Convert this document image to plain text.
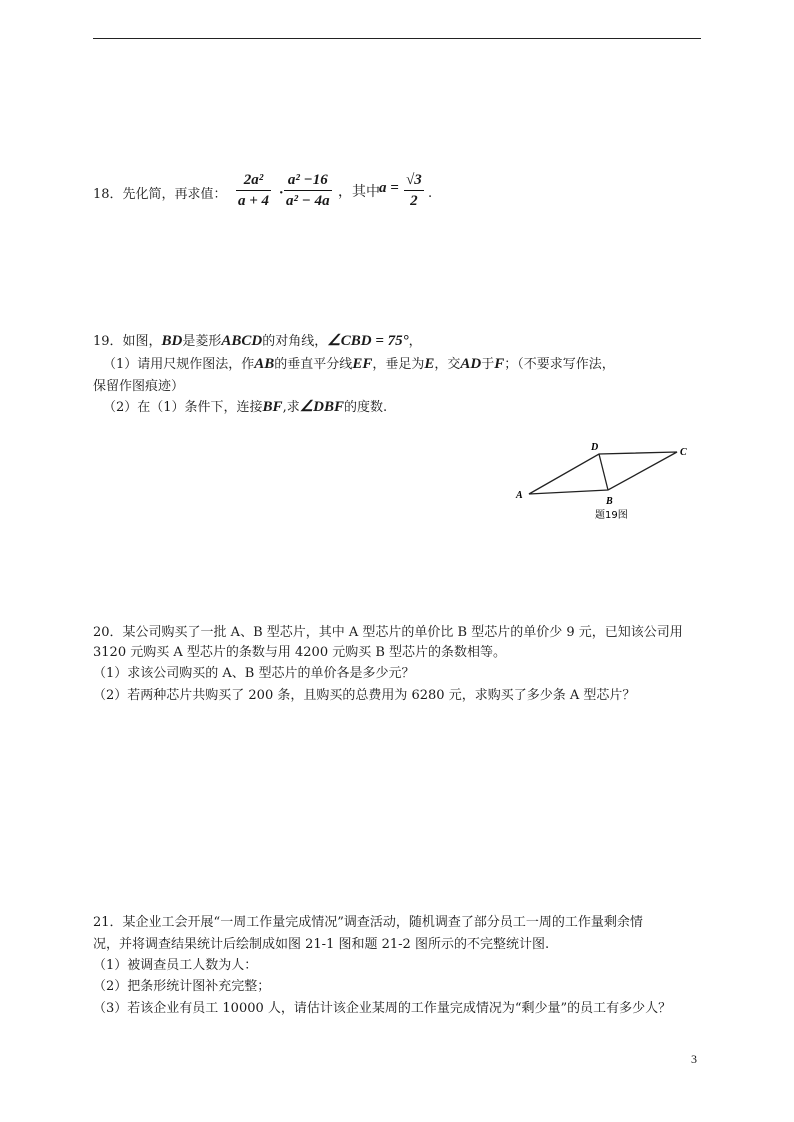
18．先化简，再求值：
2a²
a + 4 ·
a² −16
a² − 4a
，其中 a = √3
2 .
19．如图，BD是菱形ABCD的对角线，∠CBD = 75°，
（1）请用尺规作图法，作AB的垂直平分线EF，垂足为E，交AD于F；（不要求写作法，
保留作图痕迹）
（2）在（1）条件下，连接BF,求∠DBF的度数.
A
B
C
D
题19图
20．某公司购买了一批 A、B 型芯片，其中 A 型芯片的单价比 B 型芯片的单价少 9 元，已知该公司用
3120 元购买 A 型芯片的条数与用 4200 元购买 B 型芯片的条数相等。
（1）求该公司购买的 A、B 型芯片的单价各是多少元？
（2）若两种芯片共购买了 200 条，且购买的总费用为 6280 元，求购买了多少条 A 型芯片？
21．某企业工会开展“一周工作量完成情况”调查活动，随机调查了部分员工一周的工作量剩余情
况，并将调查结果统计后绘制成如图 21-1 图和题 21-2 图所示的不完整统计图.
（1）被调查员工人数为人：
（2）把条形统计图补充完整；
（3）若该企业有员工 10000 人，请估计该企业某周的工作量完成情况为“剩少量”的员工有多少人？
3
